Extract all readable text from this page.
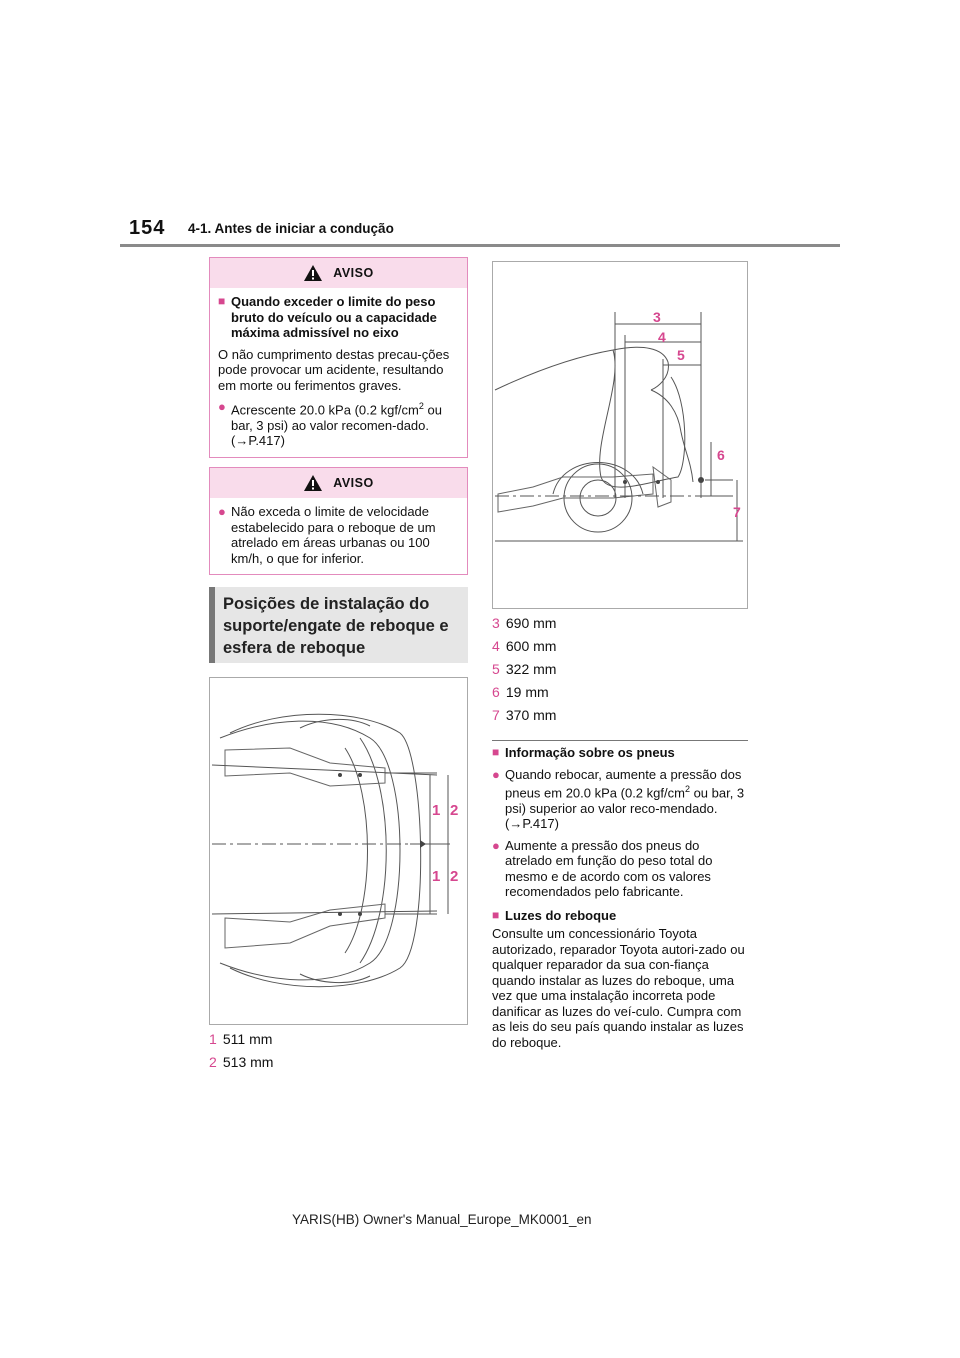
154 4-1. Antes de iniciar a condução
AVISO
■ Quando exceder o limite do peso bruto do veículo ou a capacidade máxima admissível no eixo

O não cumprimento destas precau-ções pode provocar um acidente, resultando em morte ou ferimentos graves.

● Acrescente 20.0 kPa (0.2 kgf/$cm^2$ ou bar, 3 psi) ao valor recomen-dado. (→P.417)
AVISO
● Não exceda o limite de velocidade estabelecido para o reboque de um atrelado em áreas urbanas ou 100 km/h, o que for inferior.
Posições de instalação do suporte/engate de reboque e esfera de reboque
1 2
1 2
1 511 mm
2 513 mm
3
4
5
6
7
3 690 mm
4 600 mm
5 322 mm
6 19 mm
7 370 mm
■ Informação sobre os pneus
● Quando rebocar, aumente a pressão dos pneus em 20.0 kPa (0.2 kgf/$cm^2$ ou bar, 3 psi) superior ao valor reco-mendado. (→P.417)
● Aumente a pressão dos pneus do atrelado em função do peso total do mesmo e de acordo com os valores recomendados pelo fabricante.
■ Luzes do reboque

Consulte um concessionário Toyota autorizado, reparador Toyota autori-zado ou qualquer reparador da sua con-fiança quando instalar as luzes do reboque, uma vez que uma instalação incorreta pode danificar as luzes do veí-culo. Cumpra com as leis do seu país quando instalar as luzes do reboque.

YARIS(HB) Owner's Manual_Europe_MK0001_en
